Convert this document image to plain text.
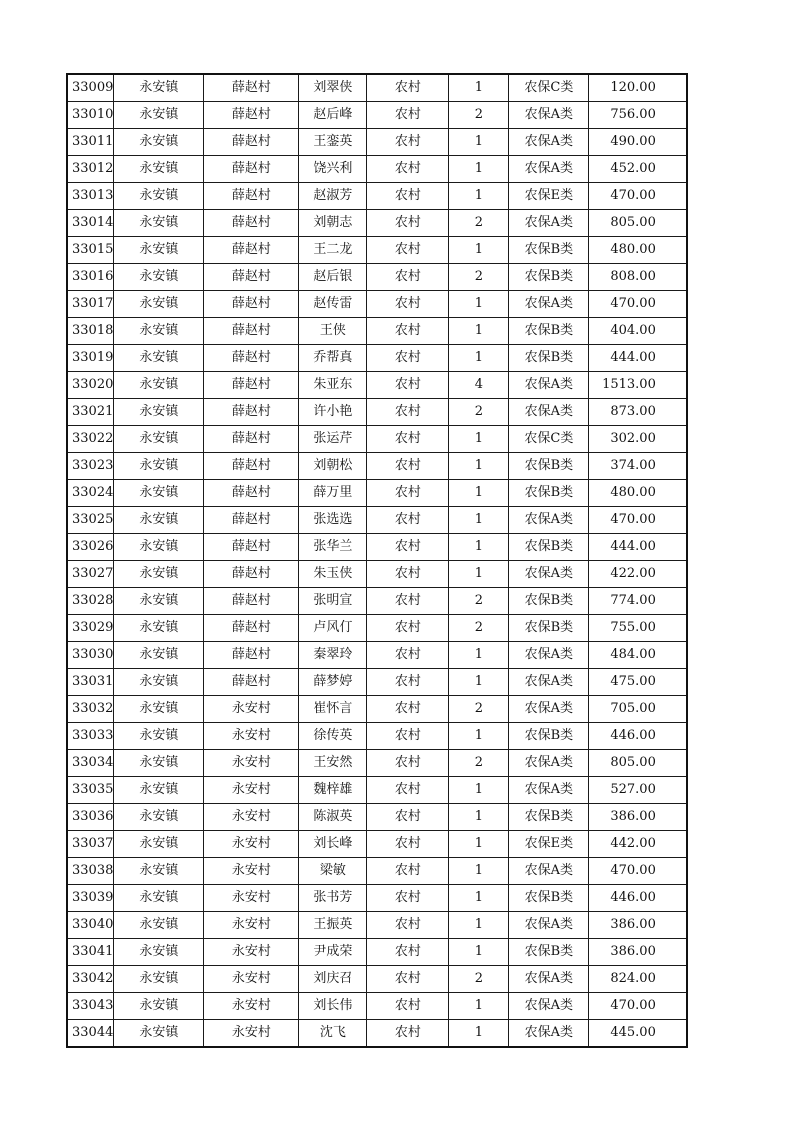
33009	永安镇	薛赵村	刘翠侠	农村	1	农保C类	120.00
33010	永安镇	薛赵村	赵后峰	农村	2	农保A类	756.00
33011	永安镇	薛赵村	王銮英	农村	1	农保A类	490.00
33012	永安镇	薛赵村	饶兴利	农村	1	农保A类	452.00
33013	永安镇	薛赵村	赵淑芳	农村	1	农保E类	470.00
33014	永安镇	薛赵村	刘朝志	农村	2	农保A类	805.00
33015	永安镇	薛赵村	王二龙	农村	1	农保B类	480.00
33016	永安镇	薛赵村	赵后银	农村	2	农保B类	808.00
33017	永安镇	薛赵村	赵传雷	农村	1	农保A类	470.00
33018	永安镇	薛赵村	王侠	农村	1	农保B类	404.00
33019	永安镇	薛赵村	乔帮真	农村	1	农保B类	444.00
33020	永安镇	薛赵村	朱亚东	农村	4	农保A类	1513.00
33021	永安镇	薛赵村	许小艳	农村	2	农保A类	873.00
33022	永安镇	薛赵村	张运芹	农村	1	农保C类	302.00
33023	永安镇	薛赵村	刘朝松	农村	1	农保B类	374.00
33024	永安镇	薛赵村	薛万里	农村	1	农保B类	480.00
33025	永安镇	薛赵村	张选选	农村	1	农保A类	470.00
33026	永安镇	薛赵村	张华兰	农村	1	农保B类	444.00
33027	永安镇	薛赵村	朱玉侠	农村	1	农保A类	422.00
33028	永安镇	薛赵村	张明宣	农村	2	农保B类	774.00
33029	永安镇	薛赵村	卢风仃	农村	2	农保B类	755.00
33030	永安镇	薛赵村	秦翠玲	农村	1	农保A类	484.00
33031	永安镇	薛赵村	薛梦婷	农村	1	农保A类	475.00
33032	永安镇	永安村	崔怀言	农村	2	农保A类	705.00
33033	永安镇	永安村	徐传英	农村	1	农保B类	446.00
33034	永安镇	永安村	王安然	农村	2	农保A类	805.00
33035	永安镇	永安村	魏梓雄	农村	1	农保A类	527.00
33036	永安镇	永安村	陈淑英	农村	1	农保B类	386.00
33037	永安镇	永安村	刘长峰	农村	1	农保E类	442.00
33038	永安镇	永安村	梁敏	农村	1	农保A类	470.00
33039	永安镇	永安村	张书芳	农村	1	农保B类	446.00
33040	永安镇	永安村	王振英	农村	1	农保A类	386.00
33041	永安镇	永安村	尹成荣	农村	1	农保B类	386.00
33042	永安镇	永安村	刘庆召	农村	2	农保A类	824.00
33043	永安镇	永安村	刘长伟	农村	1	农保A类	470.00
33044	永安镇	永安村	沈飞	农村	1	农保A类	445.00
